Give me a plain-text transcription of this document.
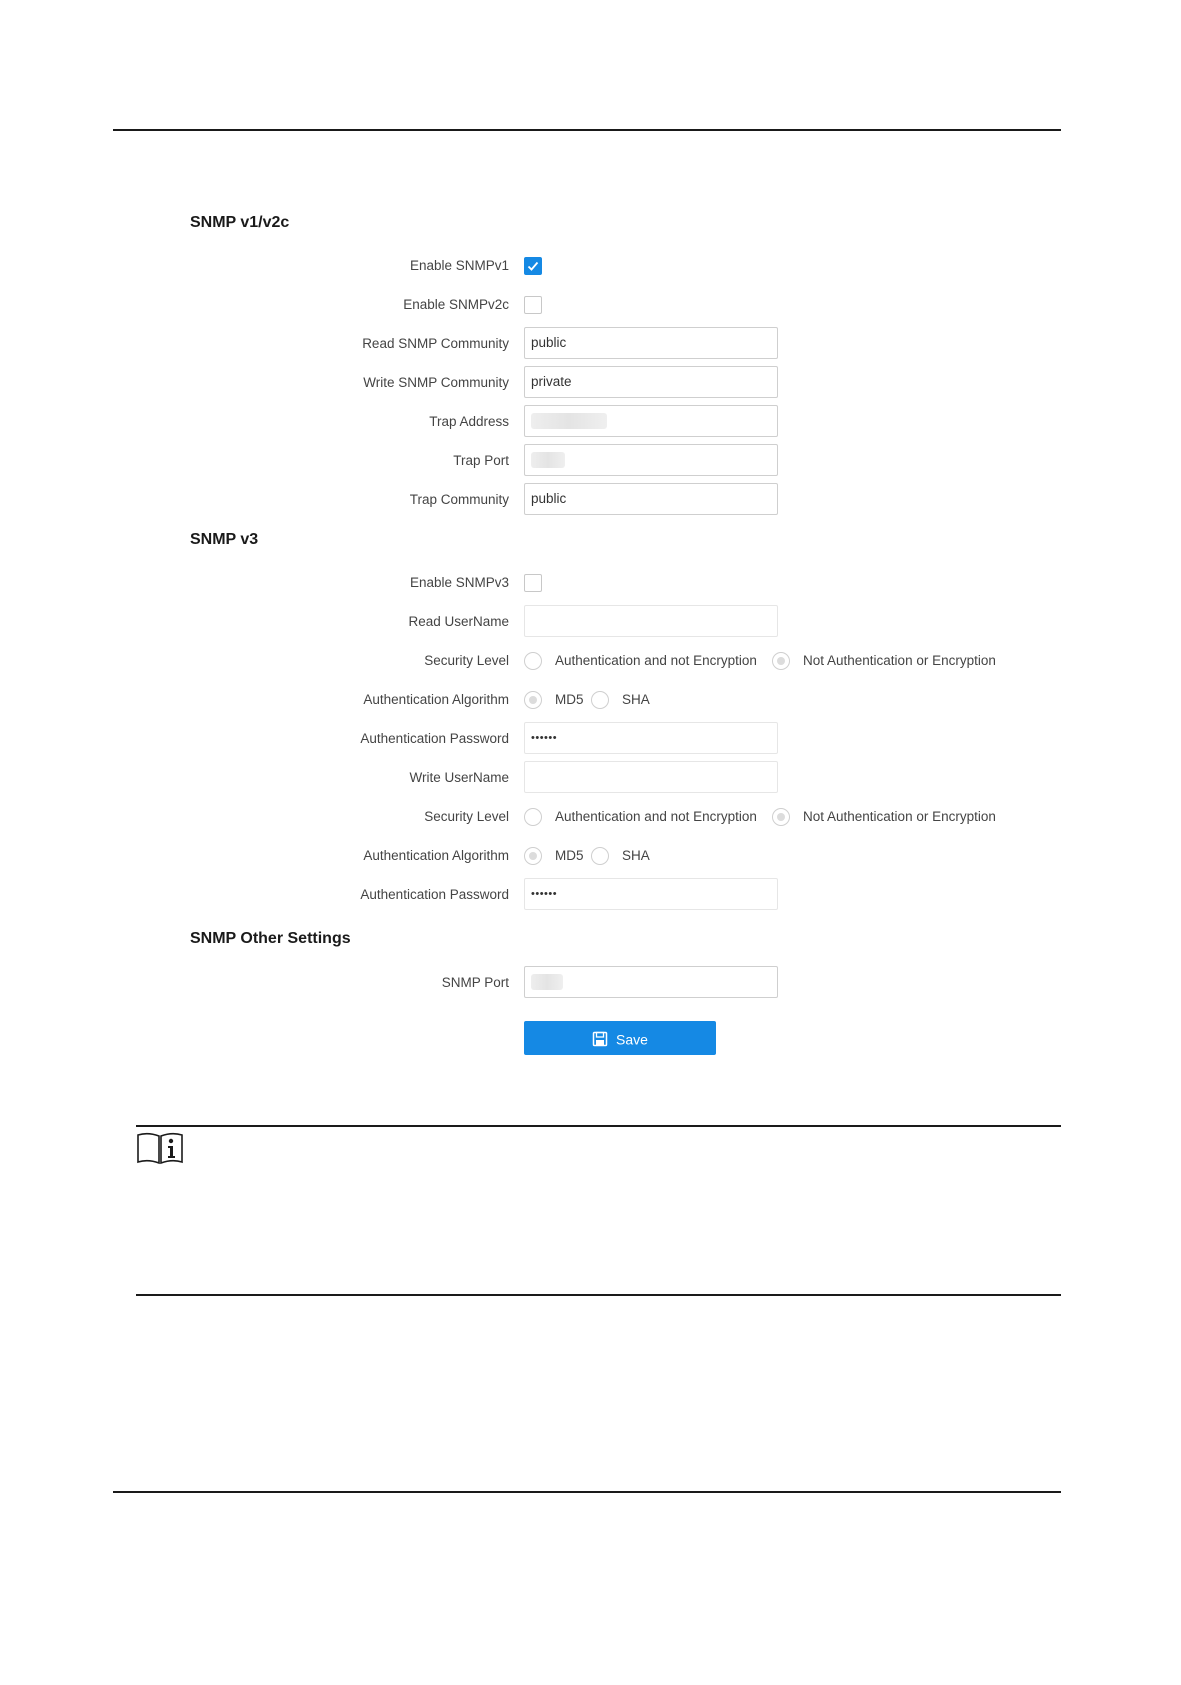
SNMP v1/v2c
Enable SNMPv1
Enable SNMPv2c
Read SNMP Community	public
Write SNMP Community	private
Trap Address
Trap Port
Trap Community	public
SNMP v3
Enable SNMPv3
Read UserName
Security Level	Authentication and not Encryption	Not Authentication or Encryption
Authentication Algorithm	MD5	SHA
Authentication Password	••••••
Write UserName
Security Level	Authentication and not Encryption	Not Authentication or Encryption
Authentication Algorithm	MD5	SHA
Authentication Password	••••••
SNMP Other Settings
SNMP Port
Save
